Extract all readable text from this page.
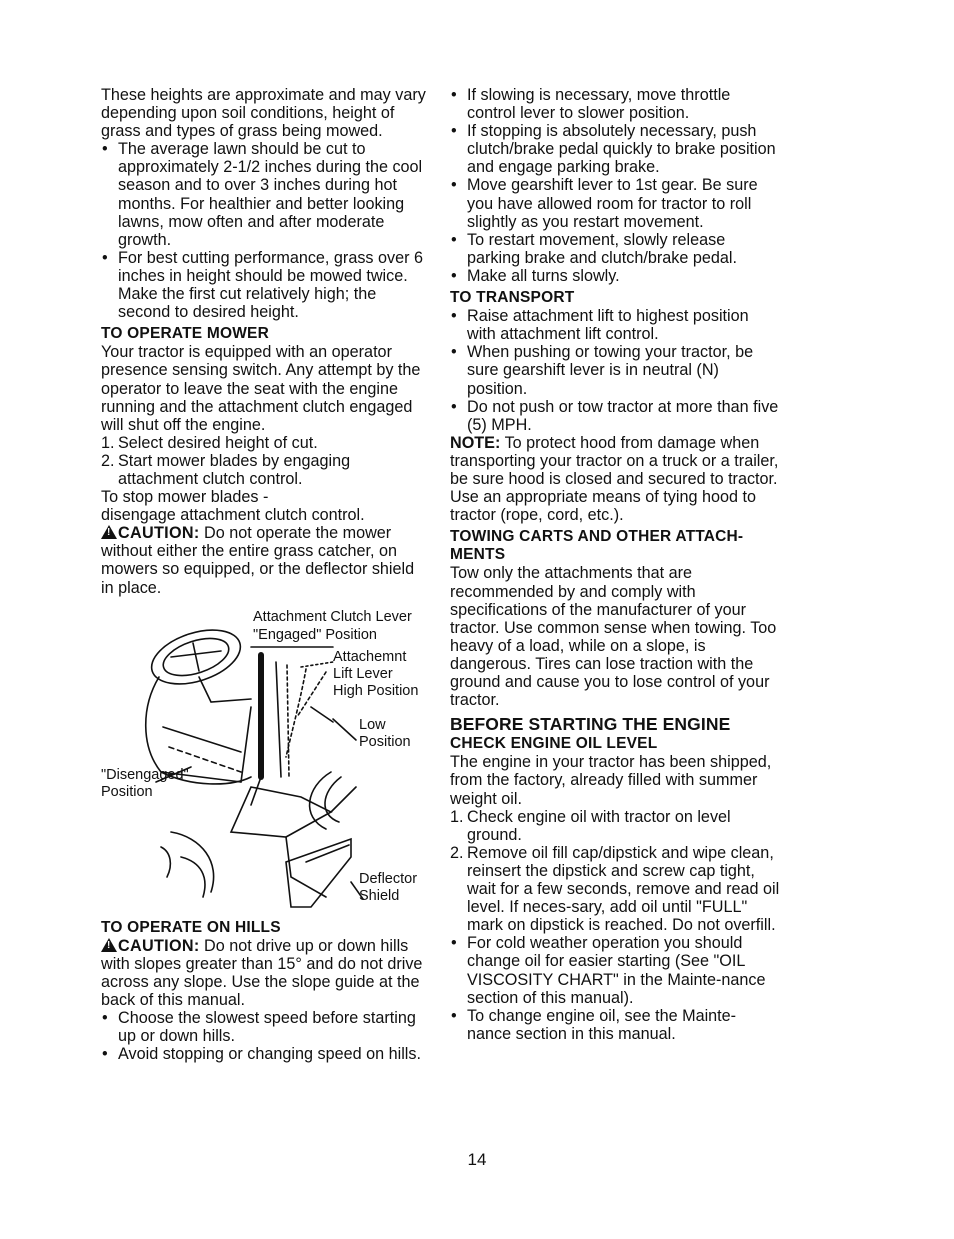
These heights are approximate and may vary depending upon soil conditions, height of grass and types of grass being mowed.

• The average lawn should be cut to approximately 2-1/2 inches during the cool season and to over 3 inches during hot months. For healthier and better looking lawns, mow often and after moderate growth.
• For best cutting performance, grass over 6 inches in height should be mowed twice. Make the first cut relatively high; the second to desired height.
TO OPERATE MOWER

Your tractor is equipped with an operator presence sensing switch. Any attempt by the operator to leave the seat with the engine running and the attachment clutch engaged will shut off the engine.

1. Select desired height of cut.
2. Start mower blades by engaging attachment clutch control.

To stop mower blades -

disengage attachment clutch control.

!CAUTION: Do not operate the mower without either the entire grass catcher, on mowers so equipped, or the deflector shield in place.

Attachment Clutch Lever
"Engaged" Position
Attachemnt
Lift Lever
High Position
Low
Position
"Disengaged"
Position
Deflector
Shield
TO OPERATE ON HILLS

!CAUTION: Do not drive up or down hills with slopes greater than 15° and do not drive across any slope. Use the slope guide at the back of this manual.

• Choose the slowest speed before starting up or down hills.
• Avoid stopping or changing speed on hills.
• If slowing is necessary, move throttle control lever to slower position.
• If stopping is absolutely necessary, push clutch/brake pedal quickly to brake position and engage parking brake.
• Move gearshift lever to 1st gear. Be sure you have allowed room for tractor to roll slightly as you restart movement.
• To restart movement, slowly release parking brake and clutch/brake pedal.
• Make all turns slowly.
TO TRANSPORT
• Raise attachment lift to highest position with attachment lift control.
• When pushing or towing your tractor, be sure gearshift lever is in neutral (N) position.
• Do not push or tow tractor at more than five (5) MPH.

NOTE: To protect hood from damage when transporting your tractor on a truck or a trailer, be sure hood is closed and secured to tractor. Use an appropriate means of tying hood to tractor (rope, cord, etc.).

TOWING CARTS AND OTHER ATTACH-
MENTS

Tow only the attachments that are recommended by and comply with specifications of the manufacturer of your tractor. Use common sense when towing. Too heavy of a load, while on a slope, is dangerous. Tires can lose traction with the ground and cause you to lose control of your tractor.

BEFORE STARTING THE ENGINE
CHECK ENGINE OIL LEVEL

The engine in your tractor has been shipped, from the factory, already filled with summer weight oil.

1. Check engine oil with tractor on level ground.
2. Remove oil fill cap/dipstick and wipe clean, reinsert the dipstick and screw cap tight, wait for a few seconds, remove and read oil level. If neces-sary, add oil until "FULL" mark on dipstick is reached. Do not overfill.
• For cold weather operation you should change oil for easier starting (See "OIL VISCOSITY CHART" in the Mainte-nance section of this manual).
• To change engine oil, see the Mainte-nance section in this manual.
14
